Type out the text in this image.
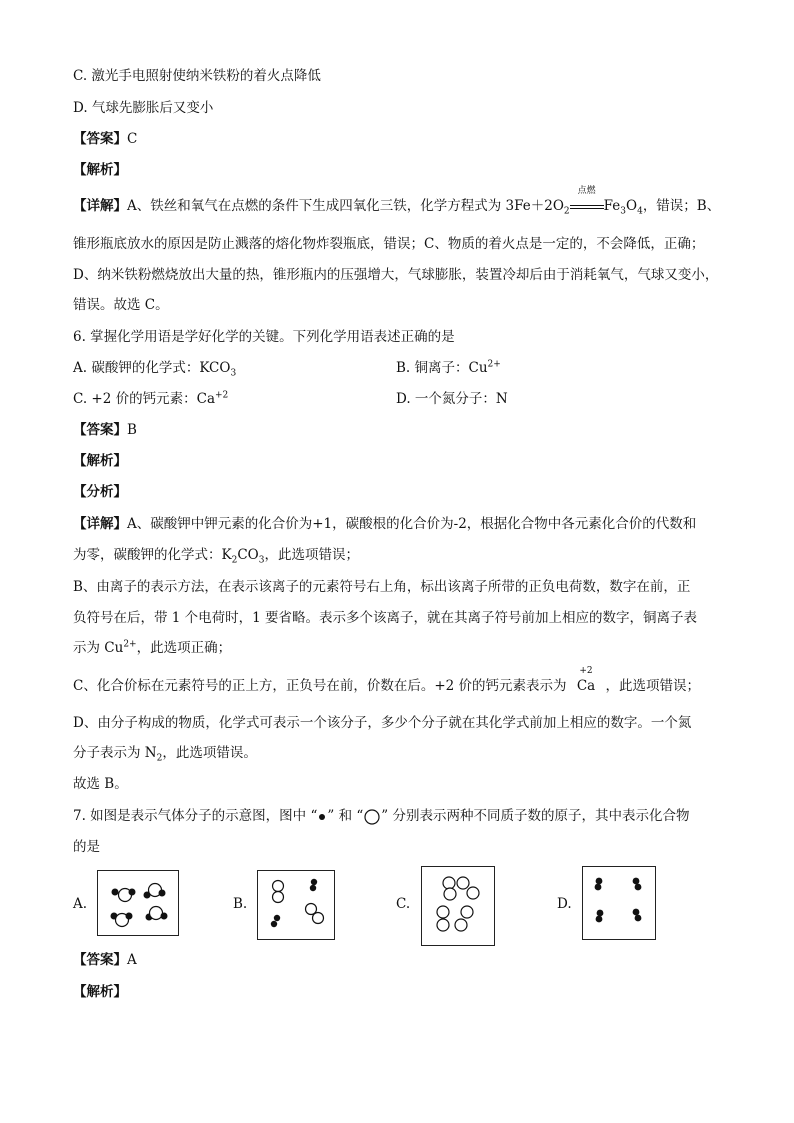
C. 激光手电照射使纳米铁粉的着火点降低
D. 气球先膨胀后又变小
【答案】C
【解析】
【详解】A、铁丝和氧气在点燃的条件下生成四氧化三铁，化学方程式为 $3Fe+2O_2$
点燃
$Fe_3O_4$，错误；B、
锥形瓶底放水的原因是防止溅落的熔化物炸裂瓶底，错误；C、物质的着火点是一定的，不会降低，正确；
D、纳米铁粉燃烧放出大量的热，锥形瓶内的压强增大，气球膨胀，装置冷却后由于消耗氧气，气球又变小，
错误。故选 C。
6. 掌握化学用语是学好化学的关键。下列化学用语表述正确的是
A. 碳酸钾的化学式：$KCO_3$	B. 铜离子：$Cu^{2+}$
C. +2 价的钙元素：$Ca^{+2}$	D. 一个氮分子：N
【答案】B
【解析】
【分析】
【详解】A、碳酸钾中钾元素的化合价为+1，碳酸根的化合价为-2，根据化合物中各元素化合价的代数和
为零，碳酸钾的化学式：$K_2CO_3$，此选项错误；
B、由离子的表示方法，在表示该离子的元素符号右上角，标出该离子所带的正负电荷数，数字在前，正
负符号在后，带 1 个电荷时，1 要省略。表示多个该离子，就在其离子符号前加上相应的数字，铜离子表
示为 $Cu^{2+}$，此选项正确；
C、化合价标在元素符号的正上方，正负号在前，价数在后。+2 价的钙元素表示为
+2
Ca ，此选项错误；
D、由分子构成的物质，化学式可表示一个该分子，多少个分子就在其化学式前加上相应的数字。一个氮
分子表示为 $N_2$，此选项错误。
故选 B。
7. 如图是表示气体分子的示意图，图中 “ ” 和 “ ” 分别表示两种不同质子数的原子，其中表示化合物
的是
A.	B.	C.	D.
【答案】A
【解析】
